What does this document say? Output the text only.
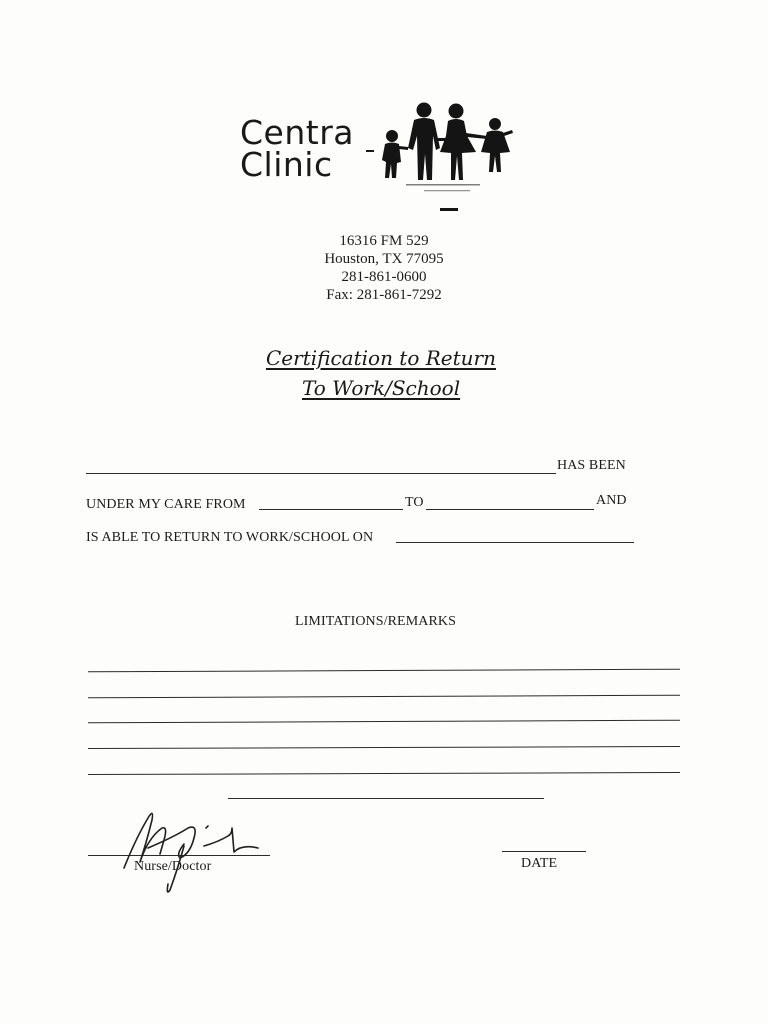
Centra
Clinic
16316 FM 529
Houston, TX 77095
281-861-0600
Fax: 281-861-7292
Certification to Return
To Work/School
HAS BEEN
UNDER MY CARE FROM	TO	AND
IS ABLE TO RETURN TO WORK/SCHOOL ON
LIMITATIONS/REMARKS
Nurse/Doctor	DATE
